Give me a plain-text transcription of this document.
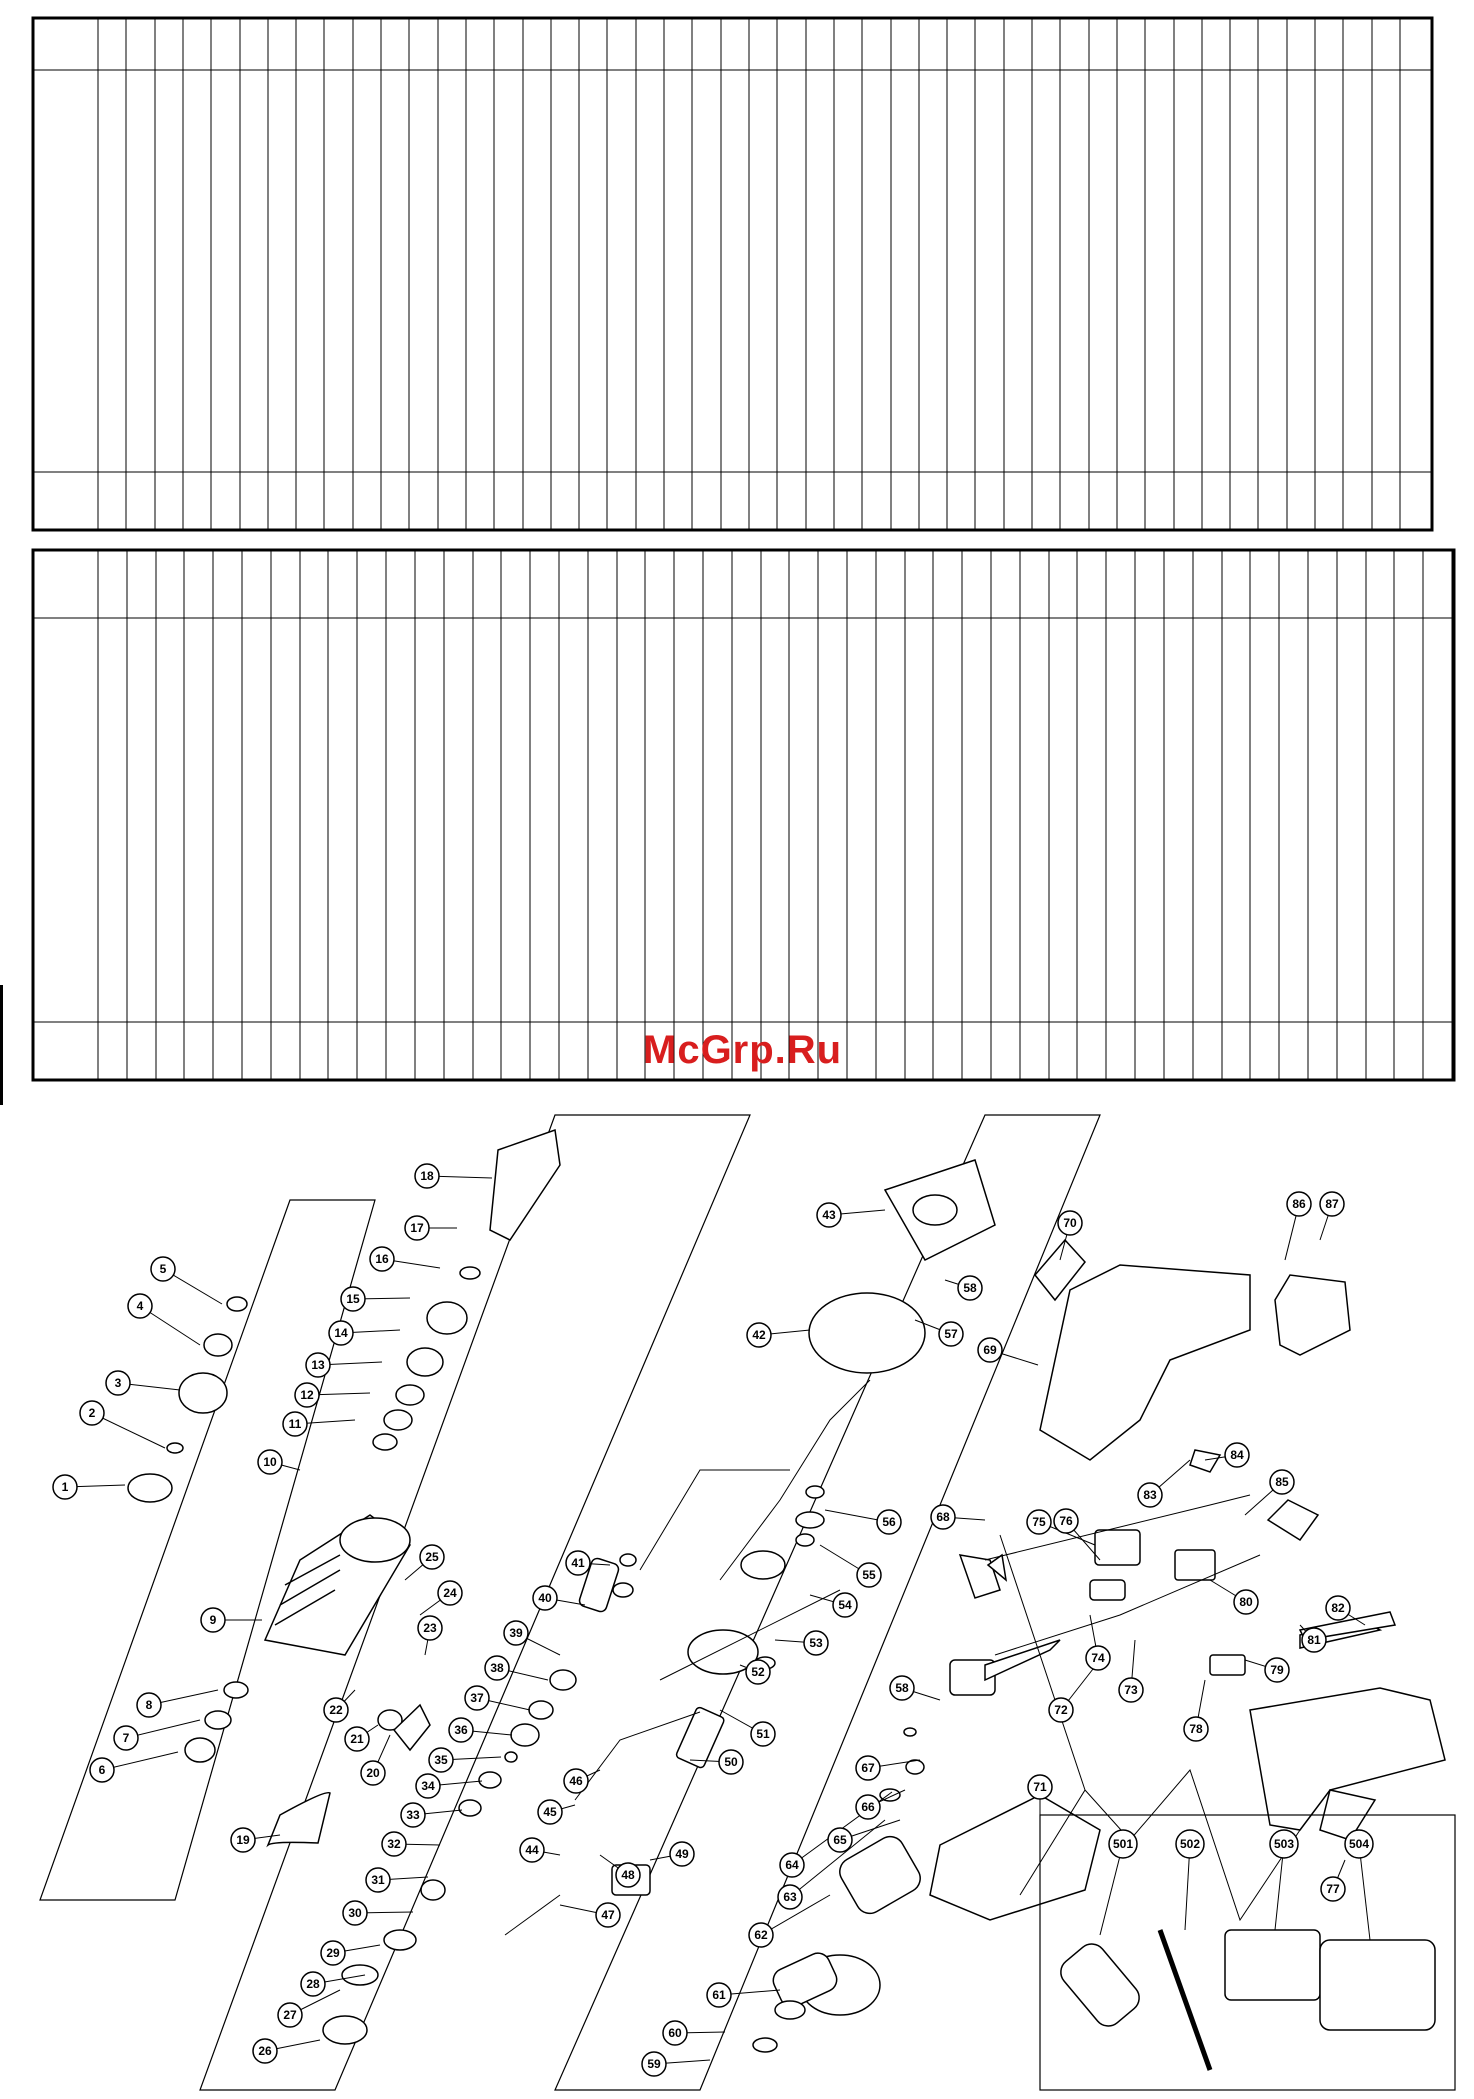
1
2
3
4
5
6
7
8
9
10
11
12
13
14
15
16
17
18
19
20
21
22
23
24
25
26
27
28
29
30
31
32
33
34
35
36
37
38
39
40
41
42
43
44
45
46
47
48
49
50
51
52
53
54
55
56
57
58
59
60
61
62
63
64
65
66
67
58
68
69
70
71
72
73
74
75 76
77
78
79
80
81
82
83
84
85
86 87
501	502	503	504
McGrp.Ru
